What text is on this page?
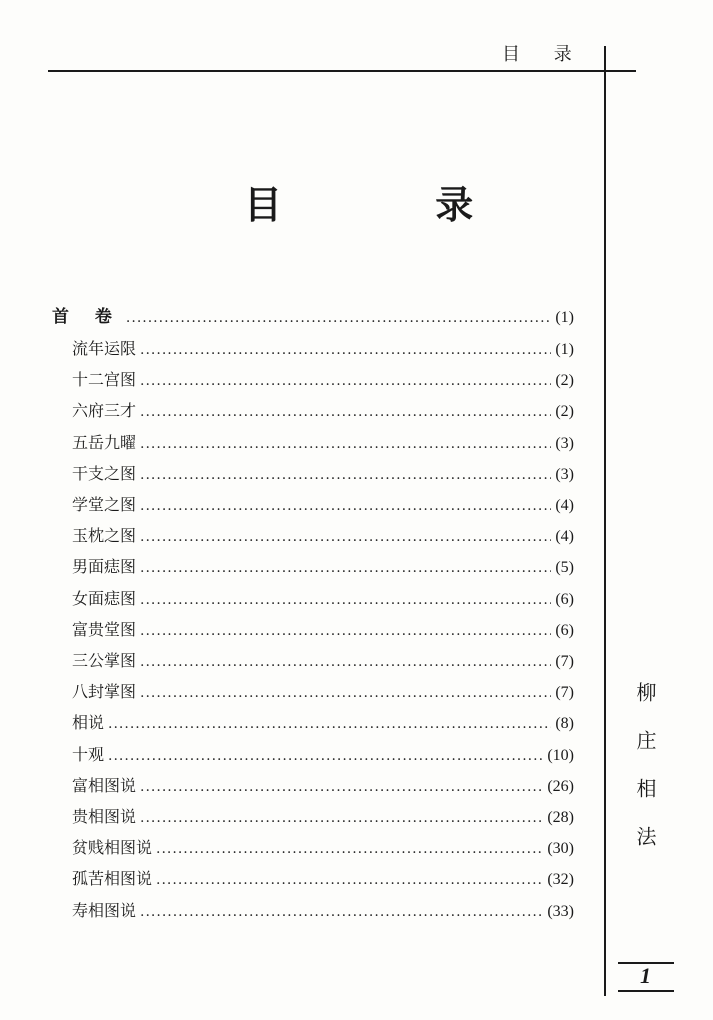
目 录
目 录
首 卷 .....	(1)
流年运限 .....	(1)
十二宫图 .....	(2)
六府三才 .....	(2)
五岳九曜 .....	(3)
干支之图 .....	(3)
学堂之图 .....	(4)
玉枕之图 .....	(4)
男面痣图 .....	(5)
女面痣图 .....	(6)
富贵堂图 .....	(6)
三公掌图 .....	(7)
八封掌图 .....	(7)
相说 .....	(8)
十观 .....	(10)
富相图说 .....	(26)
贵相图说 .....	(28)
贫贱相图说 .....	(30)
孤苦相图说 .....	(32)
寿相图说 .....	(33)
柳庄相法
1
